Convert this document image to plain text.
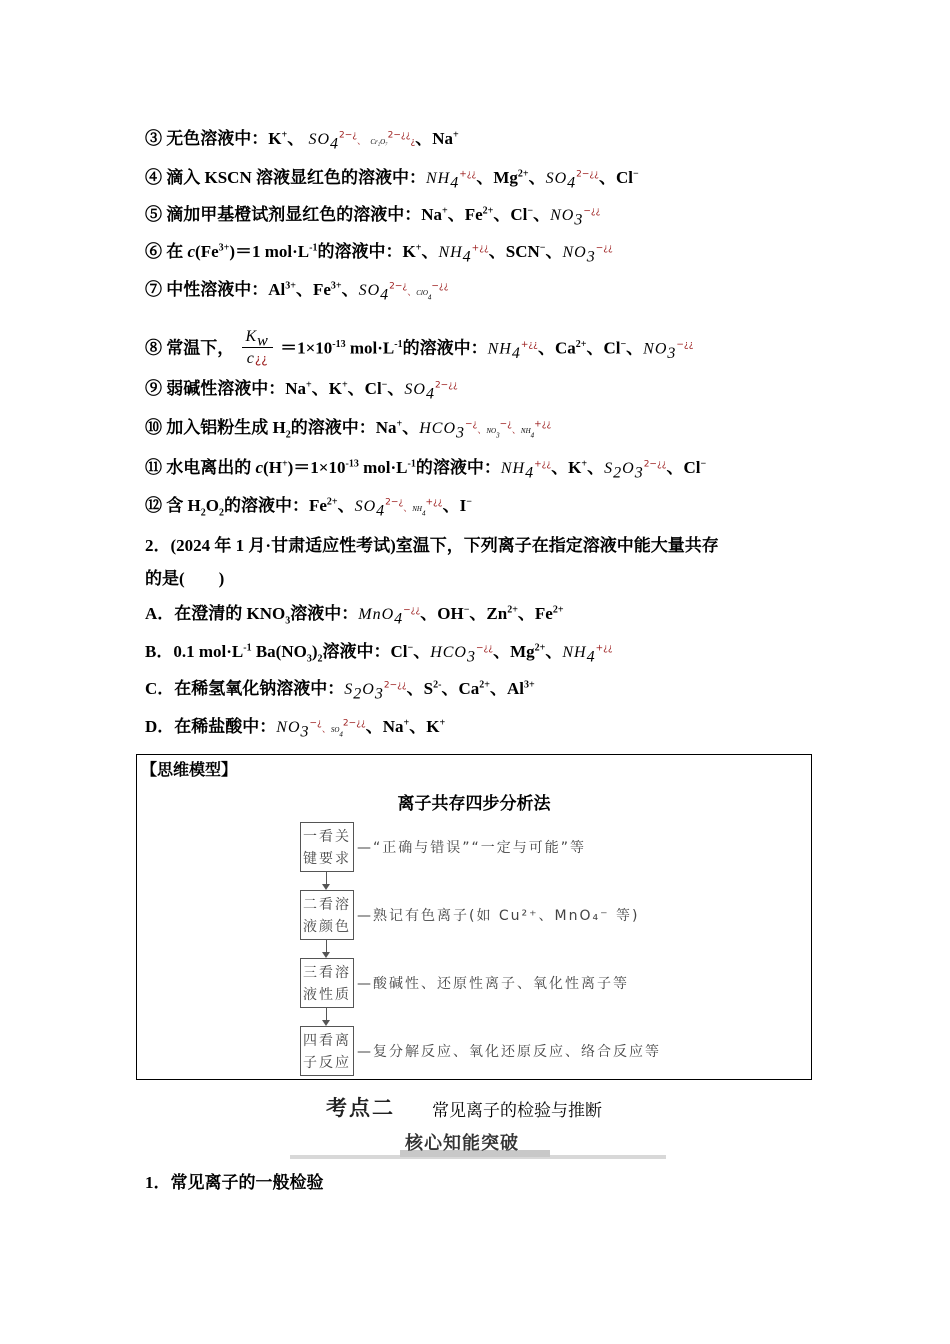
③ 无色溶液中：K+、 $SO_4^{2-¿}$、 Cr₂O₇$^{2-¿¿}$¿、Na+
④ 滴入 KSCN 溶液显红色的溶液中：$NH_4^{+¿¿}$、$Mg^{2+}$、$SO_4^{2-¿¿}$、Cl−
⑤ 滴加甲基橙试剂显红色的溶液中：Na+、$Fe^{2+}$、Cl−、$NO_3^{-¿¿}$
⑥ 在 $c(Fe^{3+})=1$ $mol\cdot L^{-1}$的溶液中：K+、$NH_4^{+¿¿}$、SCN−、$NO_3^{-¿¿}$
⑦ 中性溶液中：$Al^{3+}$、$Fe^{3+}$、$SO_4^{2-¿}$、ClO$_4$−¿¿
⑧ 常温下， $\frac{K_w}{c¿¿} =1\times 10^{-13}$ $mol\cdot L^{-1}$的溶液中：$NH_4^{+¿¿}$、$Ca^{2+}$、Cl−、$NO_3^{-¿¿}$
⑨ 弱碱性溶液中：Na+、K+、Cl−、$SO_4^{2-¿¿}$
⑩ 加入铝粉生成 $H_2$的溶液中：Na+、$HCO_3^{-¿}$、$NO_3^{-¿}$、$NH_4^{+¿¿}$
⑪ 水电离出的 $c(H^+)=1\times 10^{-13}$ $mol\cdot L^{-1}$的溶液中：$NH_4^{+¿¿}$、K+、$S_2O_3^{2-¿¿}$、Cl−
⑫ 含 $H_2O_2$的溶液中：$Fe^{2+}$、$SO_4^{2-¿}$、$NH_4^{+¿¿}$、I−
2．(2024 年 1 月·甘肃适应性考试)室温下，下列离子在指定溶液中能大量共存
的是(　　)
A．在澄清的 $KNO_3$溶液中：MnO$_4$−¿¿、OH−、$Zn^{2+}$、$Fe^{2+}$
B．0.1 $mol\cdot L^{-1}$ $Ba(NO_3)_2$溶液中：Cl−、$HCO_3^{-¿¿}$、$Mg^{2+}$、$NH_4^{+¿¿}$
C．在稀氢氧化钠溶液中：$S_2O_3^{2-¿¿}$、$S^{2-}$、$Ca^{2+}$、$Al^{3+}$
D．在稀盐酸中：$NO_3^{-¿}$、$SO_4^{2-¿¿}$、Na+、K+
【思维模型】
离子共存四步分析法
一看关
键要求
—“正确与错误”“一定与可能”等
二看溶
液颜色
—熟记有色离子(如 Cu²⁺、MnO₄⁻ 等)
三看溶
液性质
—酸碱性、还原性离子、氧化性离子等
四看离
子反应
—复分解反应、氧化还原反应、络合反应等
考点二 常见离子的检验与推断
核心知能突破
1．常见离子的一般检验
